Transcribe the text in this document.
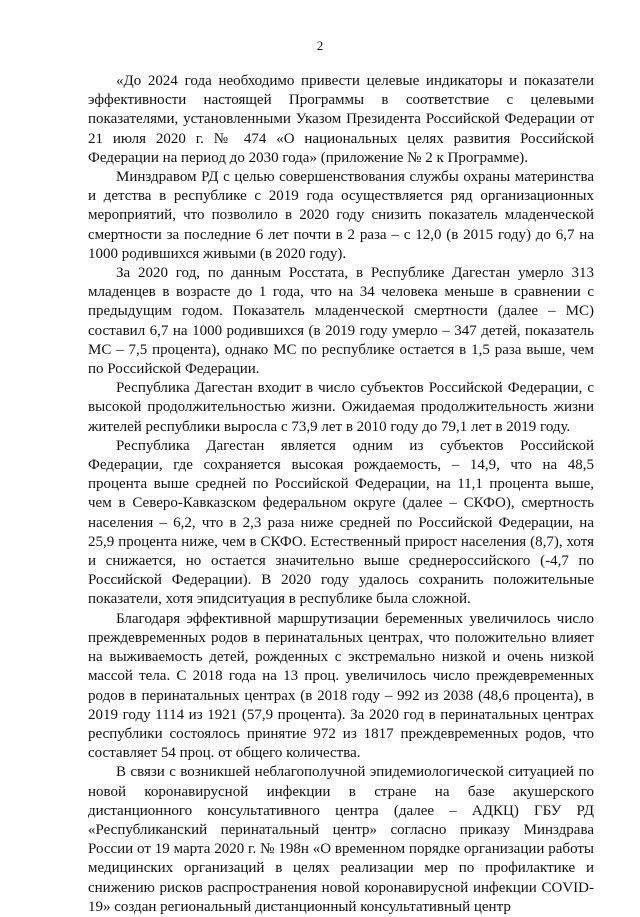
2

«До 2024 года необходимо привести целевые индикаторы и показатели эффективности настоящей Программы в соответствие с целевыми показателями, установленными Указом Президента Российской Федерации от 21 июля 2020 г. № 474 «О национальных целях развития Российской Федерации на период до 2030 года» (приложение № 2 к Программе).

Минздравом РД с целью совершенствования службы охраны материнства и детства в республике с 2019 года осуществляется ряд организационных мероприятий, что позволило в 2020 году снизить показатель младенческой смертности за последние 6 лет почти в 2 раза – с 12,0 (в 2015 году) до 6,7 на 1000 родившихся живыми (в 2020 году).

За 2020 год, по данным Росстата, в Республике Дагестан умерло 313 младенцев в возрасте до 1 года, что на 34 человека меньше в сравнении с предыдущим годом. Показатель младенческой смертности (далее – МС) составил 6,7 на 1000 родившихся (в 2019 году умерло – 347 детей, показатель МС – 7,5 процента), однако МС по республике остается в 1,5 раза выше, чем по Российской Федерации.

Республика Дагестан входит в число субъектов Российской Федерации, с высокой продолжительностью жизни. Ожидаемая продолжительность жизни жителей республики выросла с 73,9 лет в 2010 году до 79,1 лет в 2019 году.

Республика Дагестан является одним из субъектов Российской Федерации, где сохраняется высокая рождаемость, – 14,9, что на 48,5 процента выше средней по Российской Федерации, на 11,1 процента выше, чем в Северо-Кавказском федеральном округе (далее – СКФО), смертность населения – 6,2, что в 2,3 раза ниже средней по Российской Федерации, на 25,9 процента ниже, чем в СКФО. Естественный прирост населения (8,7), хотя и снижается, но остается значительно выше среднероссийского (-4,7 по Российской Федерации). В 2020 году удалось сохранить положительные показатели, хотя эпидситуация в республике была сложной.

Благодаря эффективной маршрутизации беременных увеличилось число преждевременных родов в перинатальных центрах, что положительно влияет на выживаемость детей, рожденных с экстремально низкой и очень низкой массой тела. С 2018 года на 13 проц. увеличилось число преждевременных родов в перинатальных центрах (в 2018 году – 992 из 2038 (48,6 процента), в 2019 году 1114 из 1921 (57,9 процента). За 2020 год в перинатальных центрах республики состоялось принятие 972 из 1817 преждевременных родов, что составляет 54 проц. от общего количества.

В связи с возникшей неблагополучной эпидемиологической ситуацией по новой коронавирусной инфекции в стране на базе акушерского дистанционного консультативного центра (далее – АДКЦ) ГБУ РД «Республиканский перинатальный центр» согласно приказу Минздрава России от 19 марта 2020 г. № 198н «О временном порядке организации работы медицинских организаций в целях реализации мер по профилактике и снижению рисков распространения новой коронавирусной инфекции COVID-19» создан региональный дистанционный консультативный центр
